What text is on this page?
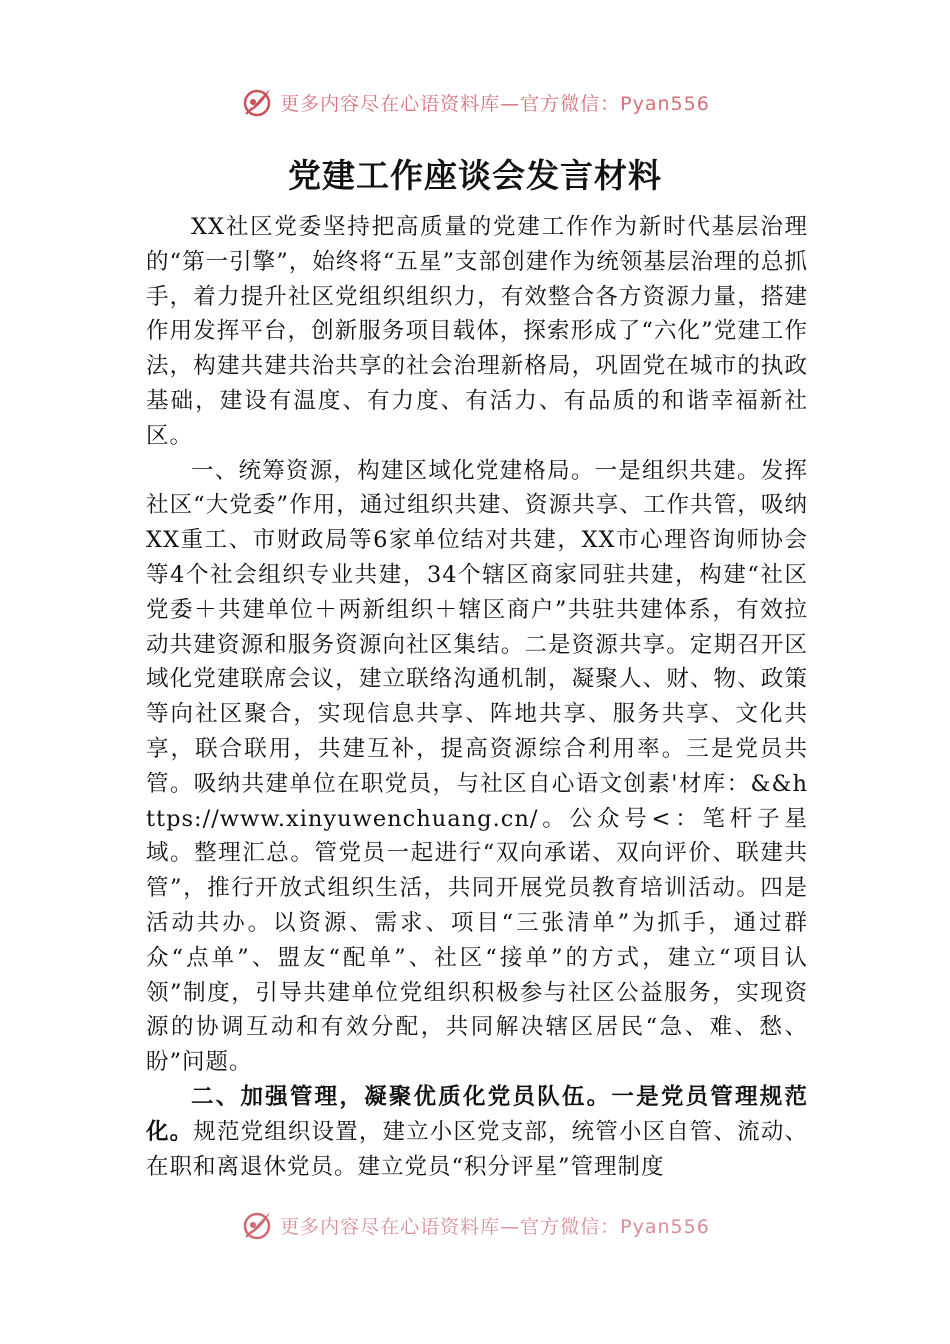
更多内容尽在心语资料库—官方微信：Pyan556
党建工作座谈会发言材料

XX社区党委坚持把高质量的党建工作作为新时代基层治理的“第一引擎”，始终将“五星”支部创建作为统领基层治理的总抓手，着力提升社区党组织组织力，有效整合各方资源力量，搭建作用发挥平台，创新服务项目载体，探索形成了“六化”党建工作法，构建共建共治共享的社会治理新格局，巩固党在城市的执政基础，建设有温度、有力度、有活力、有品质的和谐幸福新社区。

一、统筹资源，构建区域化党建格局。一是组织共建。发挥社区“大党委”作用，通过组织共建、资源共享、工作共管，吸纳XX重工、市财政局等6家单位结对共建，XX市心理咨询师协会等4个社会组织专业共建，34个辖区商家同驻共建，构建“社区党委＋共建单位＋两新组织＋辖区商户”共驻共建体系，有效拉动共建资源和服务资源向社区集结。二是资源共享。定期召开区域化党建联席会议，建立联络沟通机制，凝聚人、财、物、政策等向社区聚合，实现信息共享、阵地共享、服务共享、文化共享，联合联用，共建互补，提高资源综合利用率。三是党员共管。吸纳共建单位在职党员，与社区自心语文创素'材库：&&https://www.xinyuwenchuang.cn/。公众号<：笔杆子星域。整理汇总。管党员一起进行“双向承诺、双向评价、联建共管”，推行开放式组织生活，共同开展党员教育培训活动。四是活动共办。以资源、需求、项目“三张清单”为抓手，通过群众“点单”、盟友“配单”、社区“接单”的方式，建立“项目认领”制度，引导共建单位党组织积极参与社区公益服务，实现资源的协调互动和有效分配，共同解决辖区居民“急、难、愁、盼”问题。

二、加强管理，凝聚优质化党员队伍。一是党员管理规范化。规范党组织设置，建立小区党支部，统管小区自管、流动、在职和离退休党员。建立党员“积分评星”管理制度

更多内容尽在心语资料库—官方微信：Pyan556
